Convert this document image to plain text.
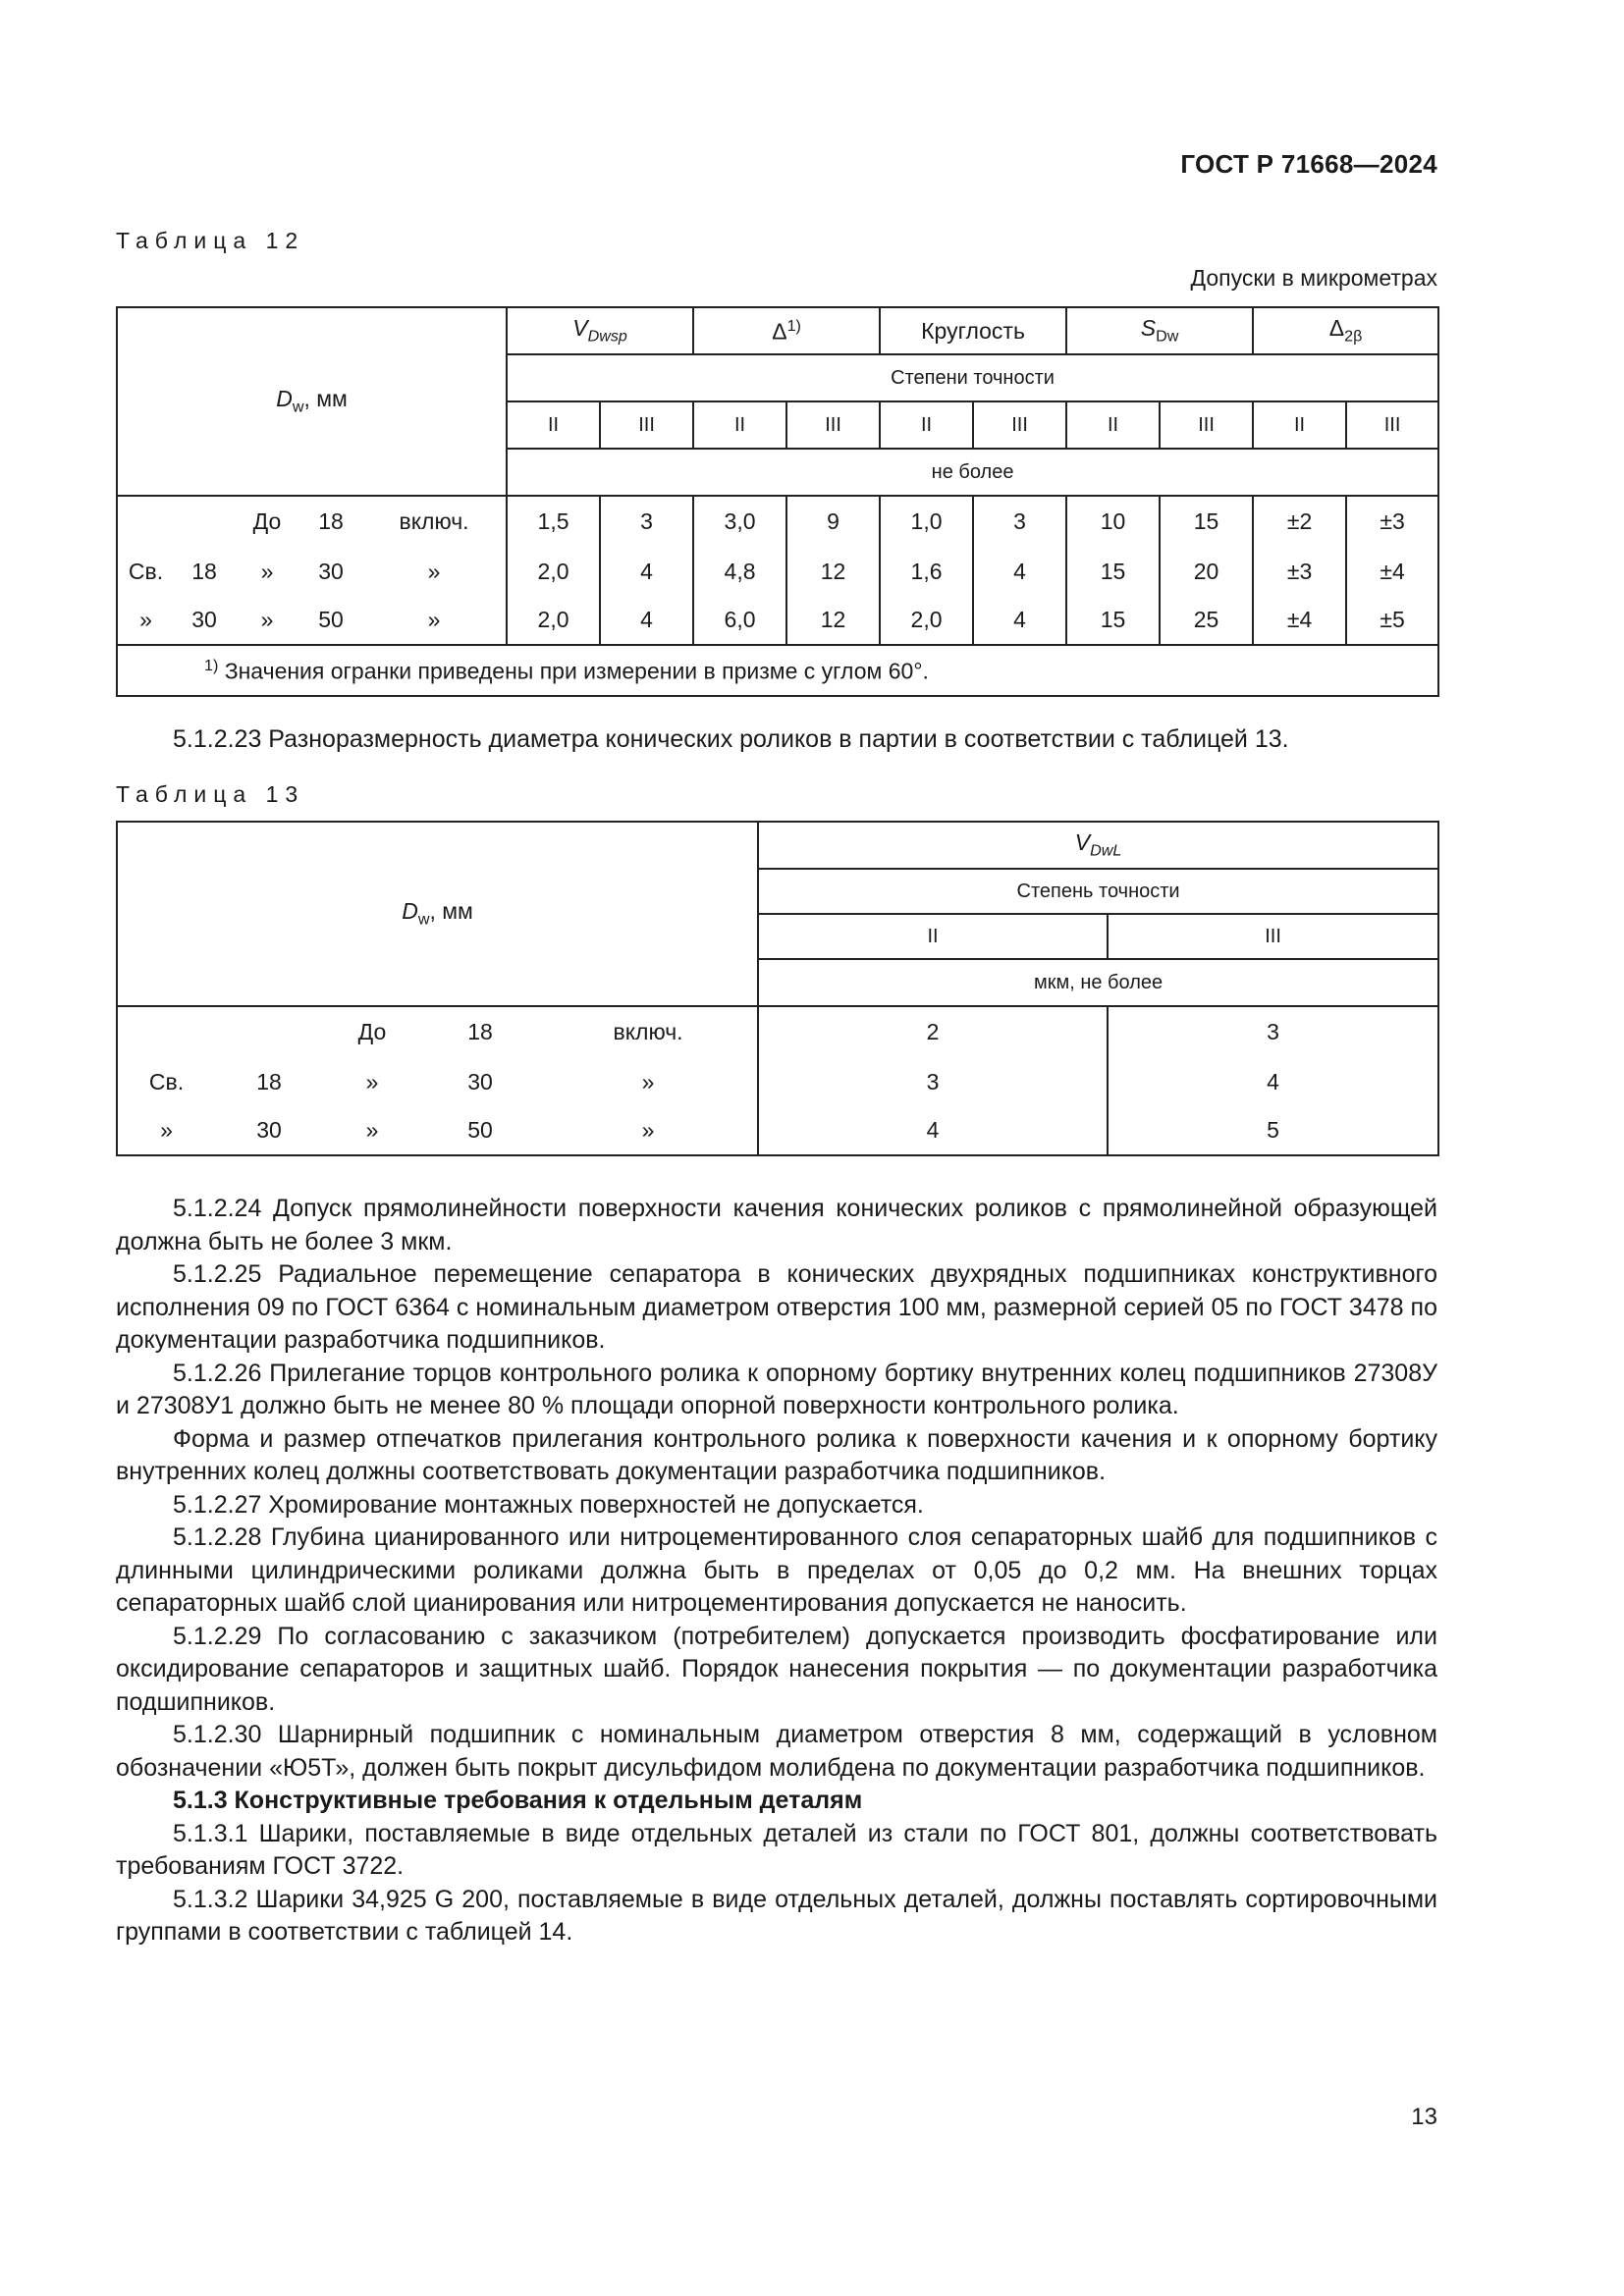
ГОСТ Р 71668—2024
Таблица 12
Допуски в микрометрах
$D_w$, мм					$V_{Dwsp}$		$\Delta^{1)}$		Круглость		$S_{Dw}$		$\Delta_{2\beta}$
					Степени точности									
					II	III	II	III	II	III	II	III	II	III
					не более									
		До	18	включ.	1,5	3	3,0	9	1,0	3	10	15	±2	±3
Св.	18	»	30	»	2,0	4	4,8	12	1,6	4	15	20	±3	±4
»	30	»	50	»	2,0	4	6,0	12	2,0	4	15	25	±4	±5
$^{1)}$ Значения огранки приведены при измерении в призме с углом 60°.														

5.1.2.23 Разноразмерность диаметра конических роликов в партии в соответствии с таблицей 13.

Таблица 13
$D_w$, мм					$V_{DwL}$
					Степень точности	
					II	III
					мкм, не более	
		До	18	включ.	2	3
Св.	18	»	30	»	3	4
»	30	»	50	»	4	5

5.1.2.24 Допуск прямолинейности поверхности качения конических роликов с прямолинейной образующей должна быть не более 3 мкм.

5.1.2.25 Радиальное перемещение сепаратора в конических двухрядных подшипниках конструктивного исполнения 09 по ГОСТ 6364 с номинальным диаметром отверстия 100 мм, размерной серией 05 по ГОСТ 3478 по документации разработчика подшипников.

5.1.2.26 Прилегание торцов контрольного ролика к опорному бортику внутренних колец подшипников 27308У и 27308У1 должно быть не менее 80 % площади опорной поверхности контрольного ролика.

Форма и размер отпечатков прилегания контрольного ролика к поверхности качения и к опорному бортику внутренних колец должны соответствовать документации разработчика подшипников.

5.1.2.27 Хромирование монтажных поверхностей не допускается.

5.1.2.28 Глубина цианированного или нитроцементированного слоя сепараторных шайб для подшипников с длинными цилиндрическими роликами должна быть в пределах от 0,05 до 0,2 мм. На внешних торцах сепараторных шайб слой цианирования или нитроцементирования допускается не наносить.

5.1.2.29 По согласованию с заказчиком (потребителем) допускается производить фосфатирование или оксидирование сепараторов и защитных шайб. Порядок нанесения покрытия — по документации разработчика подшипников.

5.1.2.30 Шарнирный подшипник с номинальным диаметром отверстия 8 мм, содержащий в условном обозначении «Ю5Т», должен быть покрыт дисульфидом молибдена по документации разработчика подшипников.

5.1.3 Конструктивные требования к отдельным деталям

5.1.3.1 Шарики, поставляемые в виде отдельных деталей из стали по ГОСТ 801, должны соответствовать требованиям ГОСТ 3722.

5.1.3.2 Шарики 34,925 G 200, поставляемые в виде отдельных деталей, должны поставлять сортировочными группами в соответствии с таблицей 14.

13
